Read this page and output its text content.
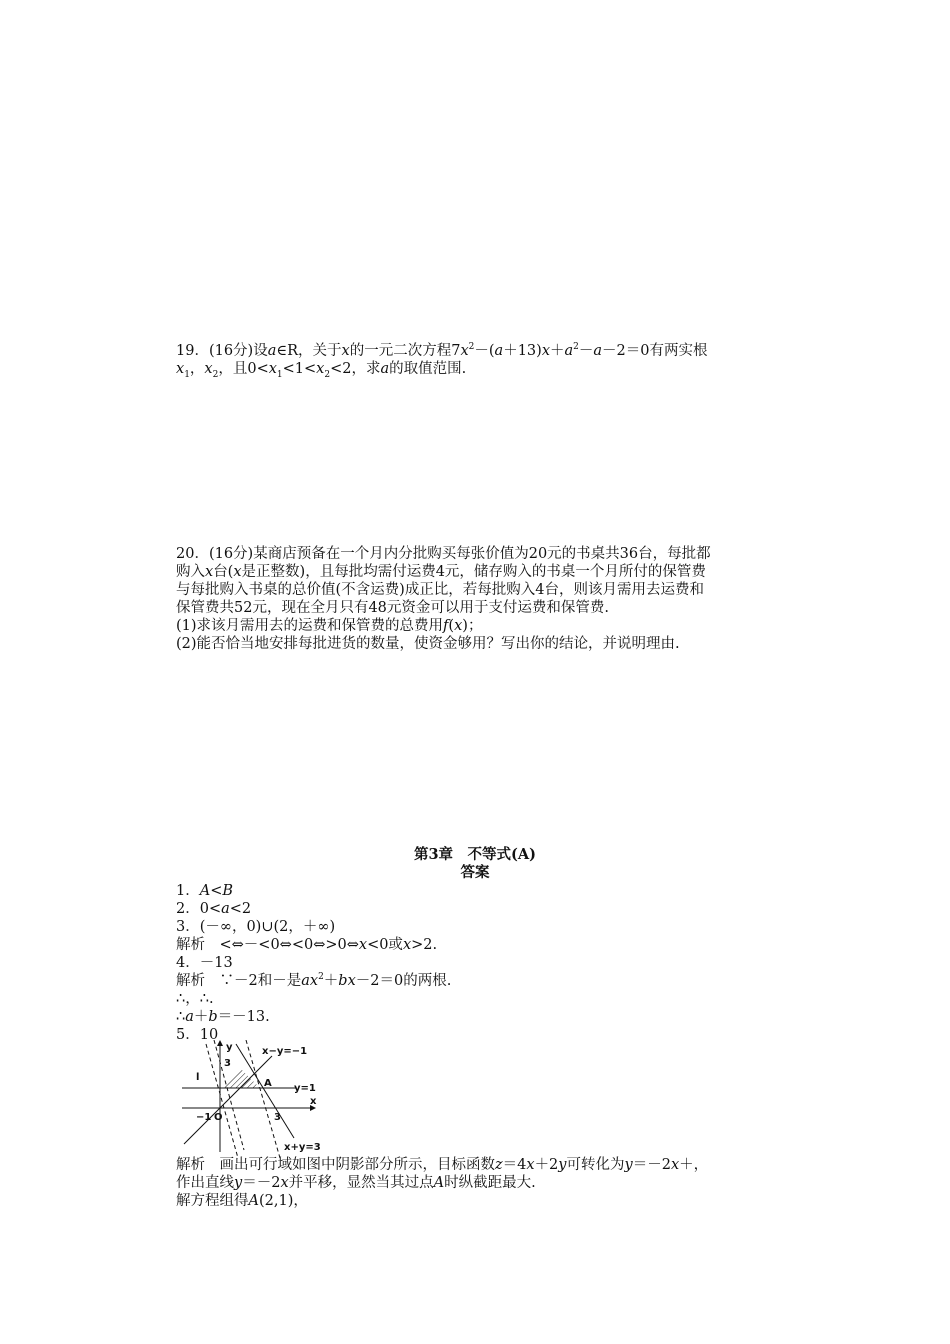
19．(16分)设a∈R，关于x的一元二次方程$7x^2-(a+13)x+a^2-a-2=0$有两实根
$x_1$，$x_2$，且$0<x_1<1<x_2<2$，求a的取值范围.
20．(16分)某商店预备在一个月内分批购买每张价值为20元的书桌共36台，每批都
购入x台(x是正整数)，且每批均需付运费4元，储存购入的书桌一个月所付的保管费
与每批购入书桌的总价值(不含运费)成正比，若每批购入4台，则该月需用去运费和
保管费共52元，现在全月只有48元资金可以用于支付运费和保管费.
(1)求该月需用去的运费和保管费的总费用f(x)；
(2)能否恰当地安排每批进货的数量，使资金够用？写出你的结论，并说明理由.
第3章　不等式(A)
答案
1．A<B
2．0<a<2
3．(－∞，0)∪(2，＋∞)
解析　<⇔－<0⇔<0⇔>0⇔x<0或x>2.
4．－13
解析　∵－2和－是$ax^2+bx-2=0$的两根.
∴，∴.
∴a＋b＝－13.
5．10
y
x
O
A
l
3
3
−1
x−y=−1
y=1
x+y=3
解析　画出可行域如图中阴影部分所示，目标函数z＝4x＋2y可转化为y＝－2x＋，
作出直线y＝－2x并平移，显然当其过点A时纵截距最大.
解方程组得A(2,1)，
